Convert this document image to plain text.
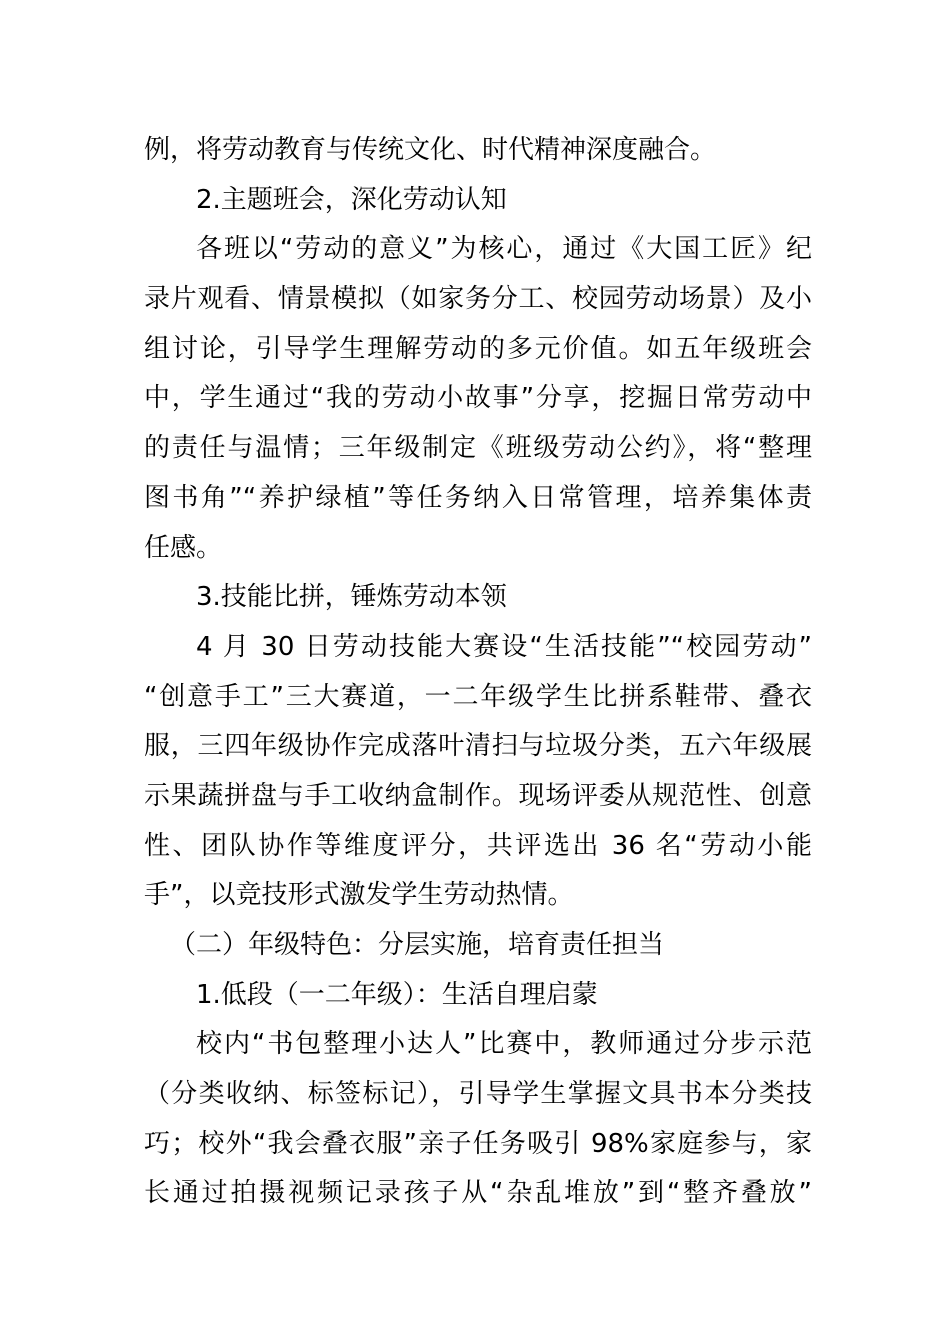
例，将劳动教育与传统文化、时代精神深度融合。
2.主题班会，深化劳动认知
各班以“劳动的意义”为核心，通过《大国工匠》纪
录片观看、情景模拟（如家务分工、校园劳动场景）及小
组讨论，引导学生理解劳动的多元价值。如五年级班会
中，学生通过“我的劳动小故事”分享，挖掘日常劳动中
的责任与温情；三年级制定《班级劳动公约》，将“整理
图书角”“养护绿植”等任务纳入日常管理，培养集体责
任感。
3.技能比拼，锤炼劳动本领
4 月 30 日劳动技能大赛设“生活技能”“校园劳动”
“创意手工”三大赛道，一二年级学生比拼系鞋带、叠衣
服，三四年级协作完成落叶清扫与垃圾分类，五六年级展
示果蔬拼盘与手工收纳盒制作。现场评委从规范性、创意
性、团队协作等维度评分，共评选出 36 名“劳动小能
手”，以竞技形式激发学生劳动热情。
（二）年级特色：分层实施，培育责任担当
1.低段（一二年级）：生活自理启蒙
校内“书包整理小达人”比赛中，教师通过分步示范
（分类收纳、标签标记），引导学生掌握文具书本分类技
巧；校外“我会叠衣服”亲子任务吸引 98%家庭参与，家
长通过拍摄视频记录孩子从“杂乱堆放”到“整齐叠放”
